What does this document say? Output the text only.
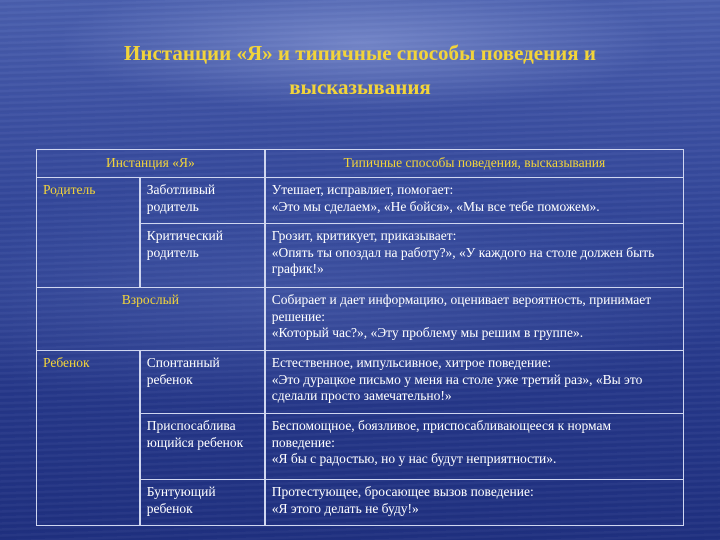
Инстанции «Я» и типичные способы поведения и
высказывания
Инстанция «Я»		Типичные способы поведения, высказывания
Родитель	Заботливый родитель	Утешает, исправляет, помогает:
«Это мы сделаем», «Не бойся», «Мы все тебе поможем».

	Критический родитель	Грозит, критикует, приказывает:
«Опять ты опоздал на работу?», «У каждого на столе должен быть график!»

Взрослый		Собирает и дает информацию, оценивает вероятность, принимает решение:
«Который час?», «Эту проблему мы решим в группе».

Ребенок	Спонтанный ребенок	Естественное, импульсивное, хитрое поведение:
«Это дурацкое письмо у меня на столе уже третий раз», «Вы это сделали просто замечательно!»

	Приспосаблива ющийся ребенок	Беспомощное, боязливое, приспосабливающееся к нормам поведение:
«Я бы с радостью, но у нас будут неприятности».

	Бунтующий ребенок	Протестующее, бросающее вызов поведение:
«Я этого делать не буду!»
